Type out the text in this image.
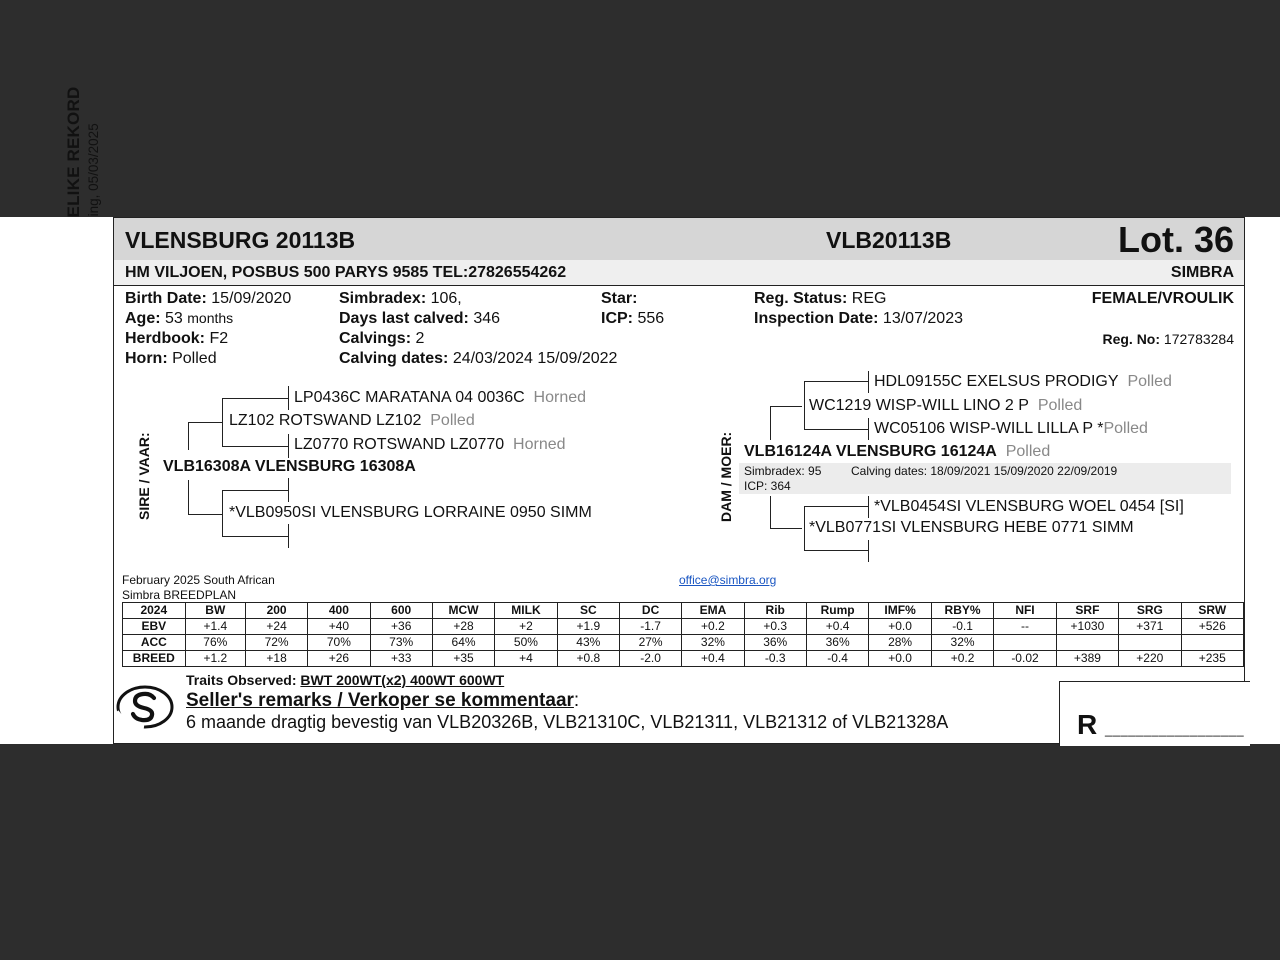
VLENSBURG 20113B	VLB20113B	Lot. 36
HM VILJOEN, POSBUS 500 PARYS 9585 TEL:27826554262	SIMBRA
Birth Date: 15/09/2020
Age: 53 months
Herdbook: F2
Horn: Polled
Simbradex: 106,
Days last calved: 346
Calvings: 2
Calving dates: 24/03/2024 15/09/2022
Star:
ICP: 556
Reg. Status: REG
Inspection Date: 13/07/2023
FEMALE/VROULIK
Reg. No: 172783284
SIRE / VAAR: VLB16308A VLENSBURG 16308A
LZ102 ROTSWAND LZ102 Polled
LP0436C MARATANA 04 0036C Horned
LZ0770 ROTSWAND LZ0770 Horned
*VLB0950SI VLENSBURG LORRAINE 0950 SIMM	DAM / MOER: VLB16124A VLENSBURG 16124A Polled
WC1219 WISP-WILL LINO 2 P Polled
HDL09155C EXELSUS PRODIGY Polled
WC05106 WISP-WILL LILLA P *Polled
Simbradex: 95 Calving dates: 18/09/2021 15/09/2020 22/09/2019
ICP: 364
*VLB0454SI VLENSBURG WOEL 0454 [SI]
*VLB0771SI VLENSBURG HEBE 0771 SIMM
February 2025 South African
Simbra BREEDPLAN
office@simbra.org
2024	BW	200	400	600	MCW	MILK	SC	DC	EMA	Rib	Rump	IMF%	RBY%	NFI	SRF	SRG	SRW
EBV	+1.4	+24	+40	+36	+28	+2	+1.9	-1.7	+0.2	+0.3	+0.4	+0.0	-0.1	--	+1030	+371	+526
ACC	76%	72%	70%	73%	64%	50%	43%	27%	32%	36%	36%	28%	32%				
BREED	+1.2	+18	+26	+33	+35	+4	+0.8	-2.0	+0.4	-0.3	-0.4	+0.0	+0.2	-0.02	+389	+220	+235
Traits Observed: BWT 200WT(x2) 400WT 600WT
Seller's remarks / Verkoper se kommentaar:
6 maande dragtig bevestig van VLB20326B, VLB21310C, VLB21311, VLB21312 of VLB21328A	R __________________
